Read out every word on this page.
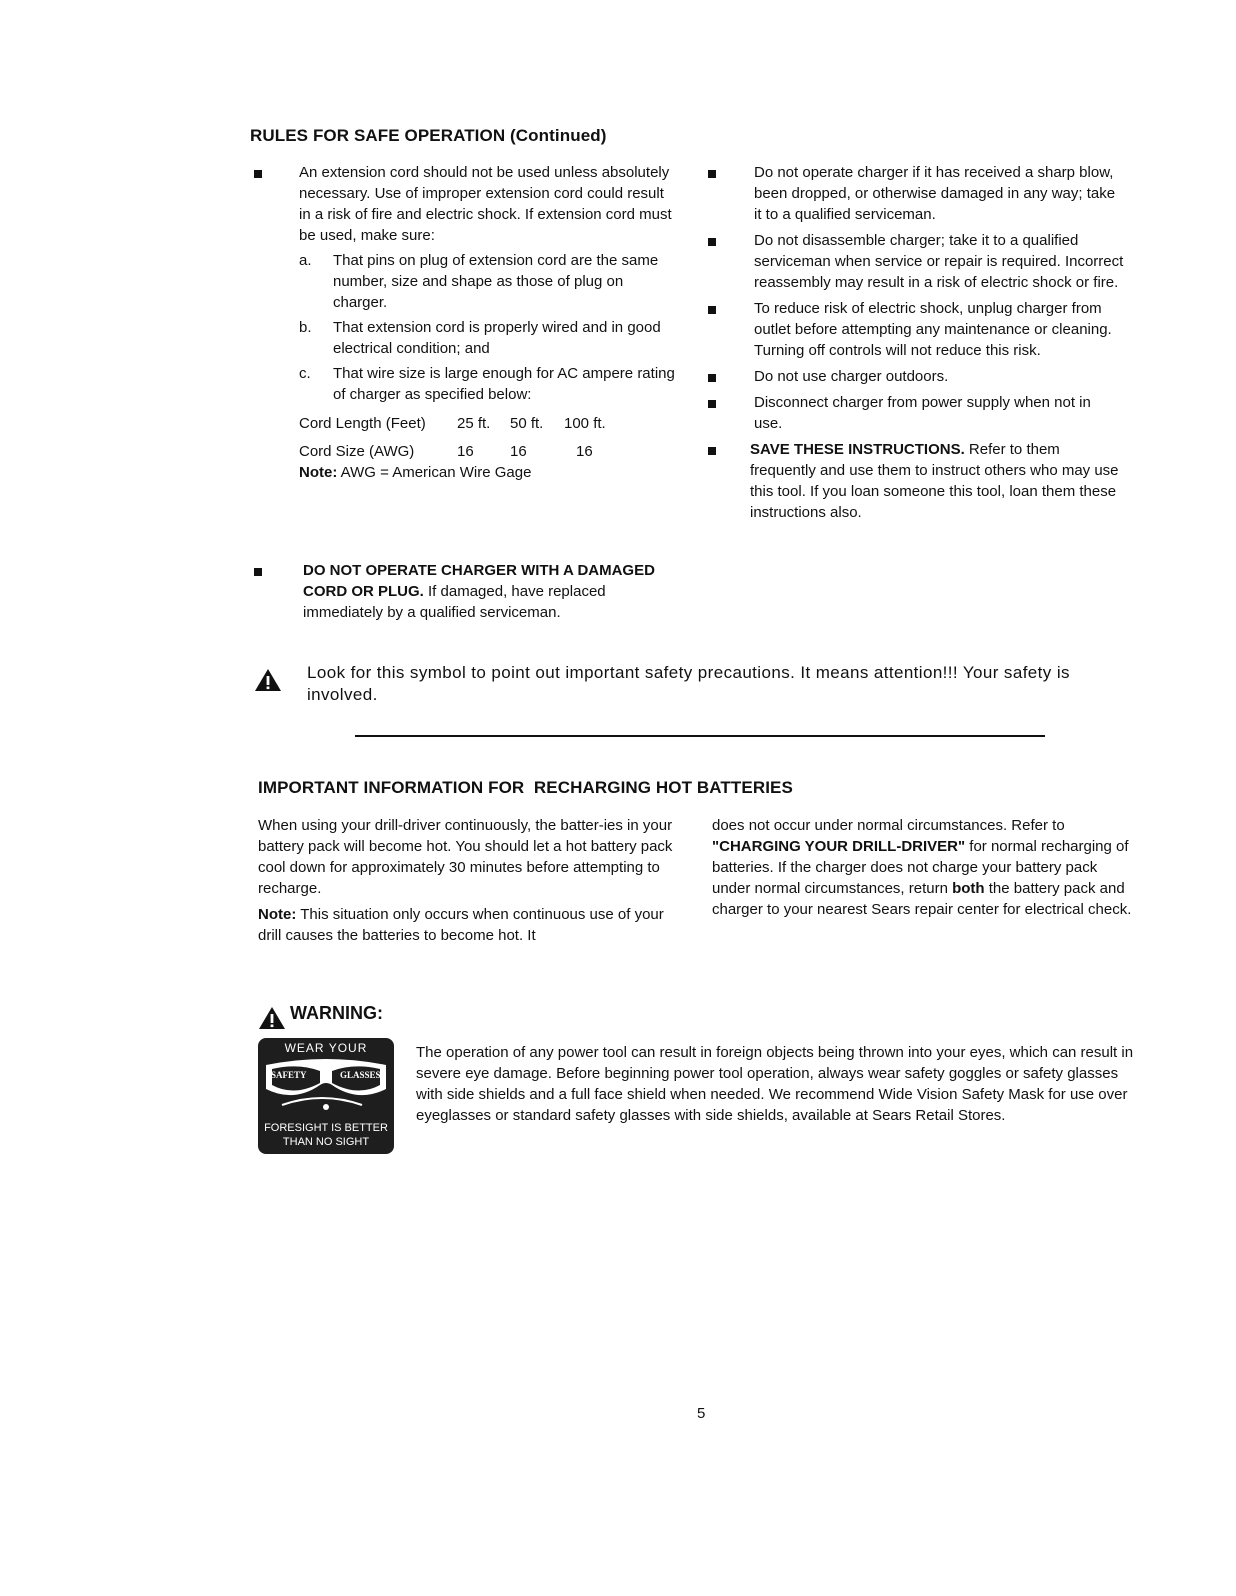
RULES FOR SAFE OPERATION (Continued)
An extension cord should not be used unless absolutely necessary. Use of improper extension cord could result in a risk of fire and electric shock. If extension cord must be used, make sure:
a. That pins on plug of extension cord are the same number, size and shape as those of plug on charger.
b. That extension cord is properly wired and in good electrical condition; and
c. That wire size is large enough for AC ampere rating of charger as specified below:
Cord Length (Feet)	25 ft.	50 ft.	100 ft.
Cord Size (AWG)	16	16	16
Note: AWG = American Wire Gage
DO NOT OPERATE CHARGER WITH A DAMAGED CORD OR PLUG. If damaged, have replaced immediately by a qualified serviceman.
Do not operate charger if it has received a sharp blow, been dropped, or otherwise damaged in any way; take it to a qualified serviceman.
Do not disassemble charger; take it to a qualified serviceman when service or repair is required. Incorrect reassembly may result in a risk of electric shock or fire.
To reduce risk of electric shock, unplug charger from outlet before attempting any maintenance or cleaning. Turning off controls will not reduce this risk.
Do not use charger outdoors.
Disconnect charger from power supply when not in use.
SAVE THESE INSTRUCTIONS. Refer to them frequently and use them to instruct others who may use this tool. If you loan someone this tool, loan them these instructions also.
Look for this symbol to point out important safety precautions. It means attention!!! Your safety is involved.
IMPORTANT INFORMATION FOR  RECHARGING HOT BATTERIES
When using your drill-driver continuously, the batter-ies in your battery pack will become hot. You should let a hot battery pack cool down for approximately 30 minutes before attempting to recharge.
Note: This situation only occurs when continuous use of your drill causes the batteries to become hot. It
does not occur under normal circumstances. Refer to "CHARGING YOUR DRILL-DRIVER" for normal recharging of batteries. If the charger does not charge your battery pack under normal circumstances, return both the battery pack and charger to your nearest Sears repair center for electrical check.
WARNING:
WEAR YOUR
SAFETY	GLASSES
FORESIGHT IS BETTER
THAN NO SIGHT
The operation of any power tool can result in foreign objects being thrown into your eyes, which can result in severe eye damage. Before beginning power tool operation, always wear safety goggles or safety glasses with side shields and a full face shield when needed. We recommend Wide Vision Safety Mask for use over eyeglasses or standard safety glasses with side shields, available at Sears Retail Stores.
5
